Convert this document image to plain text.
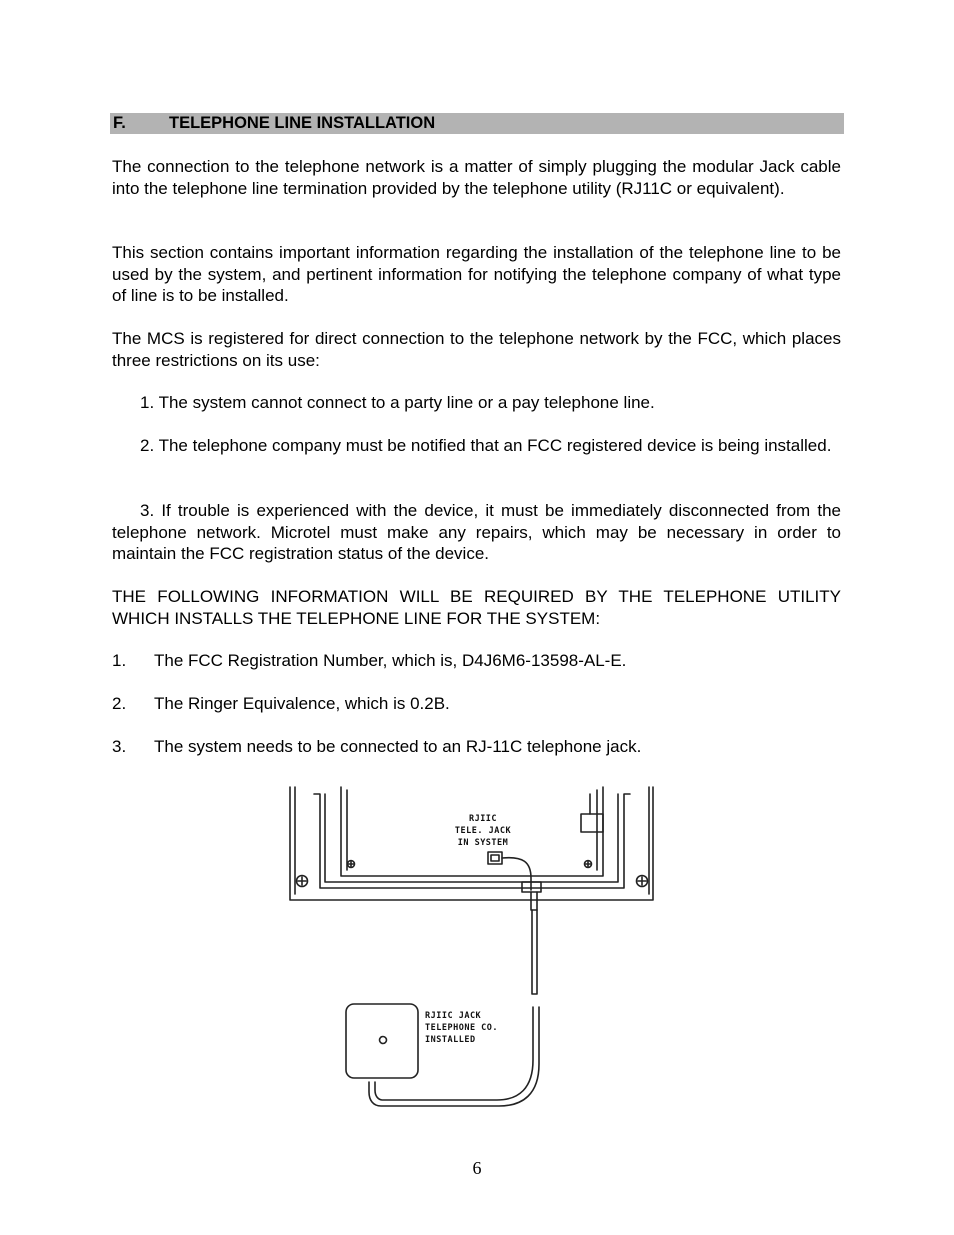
F.	TELEPHONE LINE INSTALLATION

The connection to the telephone network is a matter of simply plugging the modular Jack cable into the telephone line termination provided by the telephone utility (RJ11C or equivalent).

This section contains important information regarding the installation of the telephone line to be used by the system, and pertinent information for notifying the telephone company of what type of line is to be installed.

The MCS is registered for direct connection to the telephone network by the FCC, which places three restrictions on its use:

1. The system cannot connect to a party line or a pay telephone line.

2. The telephone company must be notified that an FCC registered device is being installed.

3. If trouble is experienced with the device, it must be immediately disconnected from the telephone network. Microtel must make any repairs, which may be necessary in order to maintain the FCC registration status of the device.

THE FOLLOWING INFORMATION WILL BE REQUIRED BY THE TELEPHONE UTILITY WHICH INSTALLS THE TELEPHONE LINE FOR THE SYSTEM:

1. The FCC Registration Number, which is, D4J6M6-13598-AL-E.
2. The Ringer Equivalence, which is 0.2B.
3. The system needs to be connected to an RJ-11C telephone jack.
RJIIC
TELE. JACK
IN SYSTEM
RJIIC JACK
TELEPHONE CO.
INSTALLED
6
